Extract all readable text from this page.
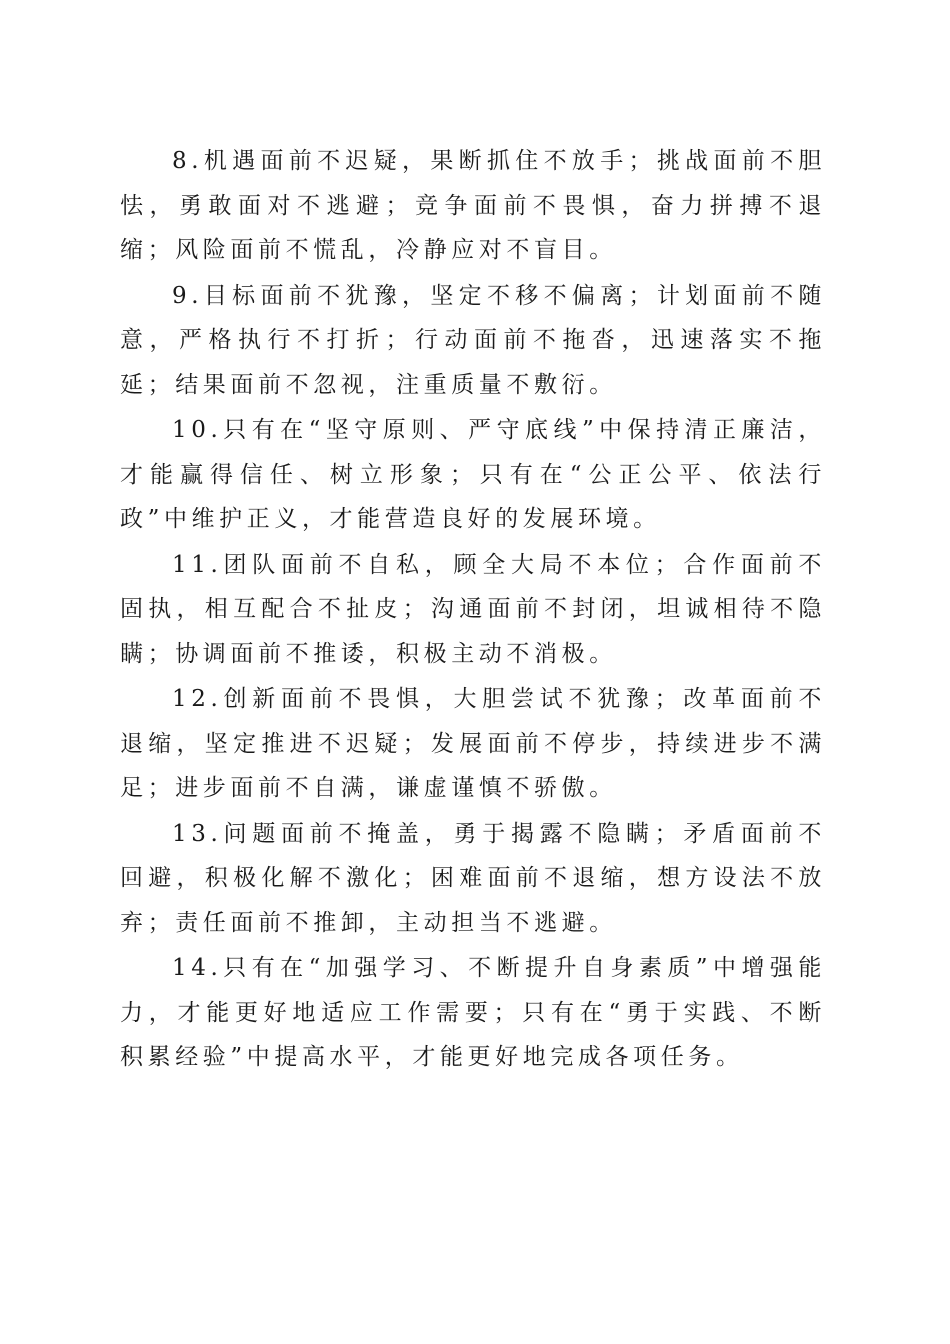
8.机遇面前不迟疑，果断抓住不放手；挑战面前不胆怯，勇敢面对不逃避；竞争面前不畏惧，奋力拼搏不退缩；风险面前不慌乱，冷静应对不盲目。

9.目标面前不犹豫，坚定不移不偏离；计划面前不随意，严格执行不打折；行动面前不拖沓，迅速落实不拖延；结果面前不忽视，注重质量不敷衍。

10.只有在“坚守原则、严守底线”中保持清正廉洁，才能赢得信任、树立形象；只有在“公正公平、依法行政”中维护正义，才能营造良好的发展环境。

11.团队面前不自私，顾全大局不本位；合作面前不固执，相互配合不扯皮；沟通面前不封闭，坦诚相待不隐瞒；协调面前不推诿，积极主动不消极。

12.创新面前不畏惧，大胆尝试不犹豫；改革面前不退缩，坚定推进不迟疑；发展面前不停步，持续进步不满足；进步面前不自满，谦虚谨慎不骄傲。

13.问题面前不掩盖，勇于揭露不隐瞒；矛盾面前不回避，积极化解不激化；困难面前不退缩，想方设法不放弃；责任面前不推卸，主动担当不逃避。

14.只有在“加强学习、不断提升自身素质”中增强能力，才能更好地适应工作需要；只有在“勇于实践、不断积累经验”中提高水平，才能更好地完成各项任务。
